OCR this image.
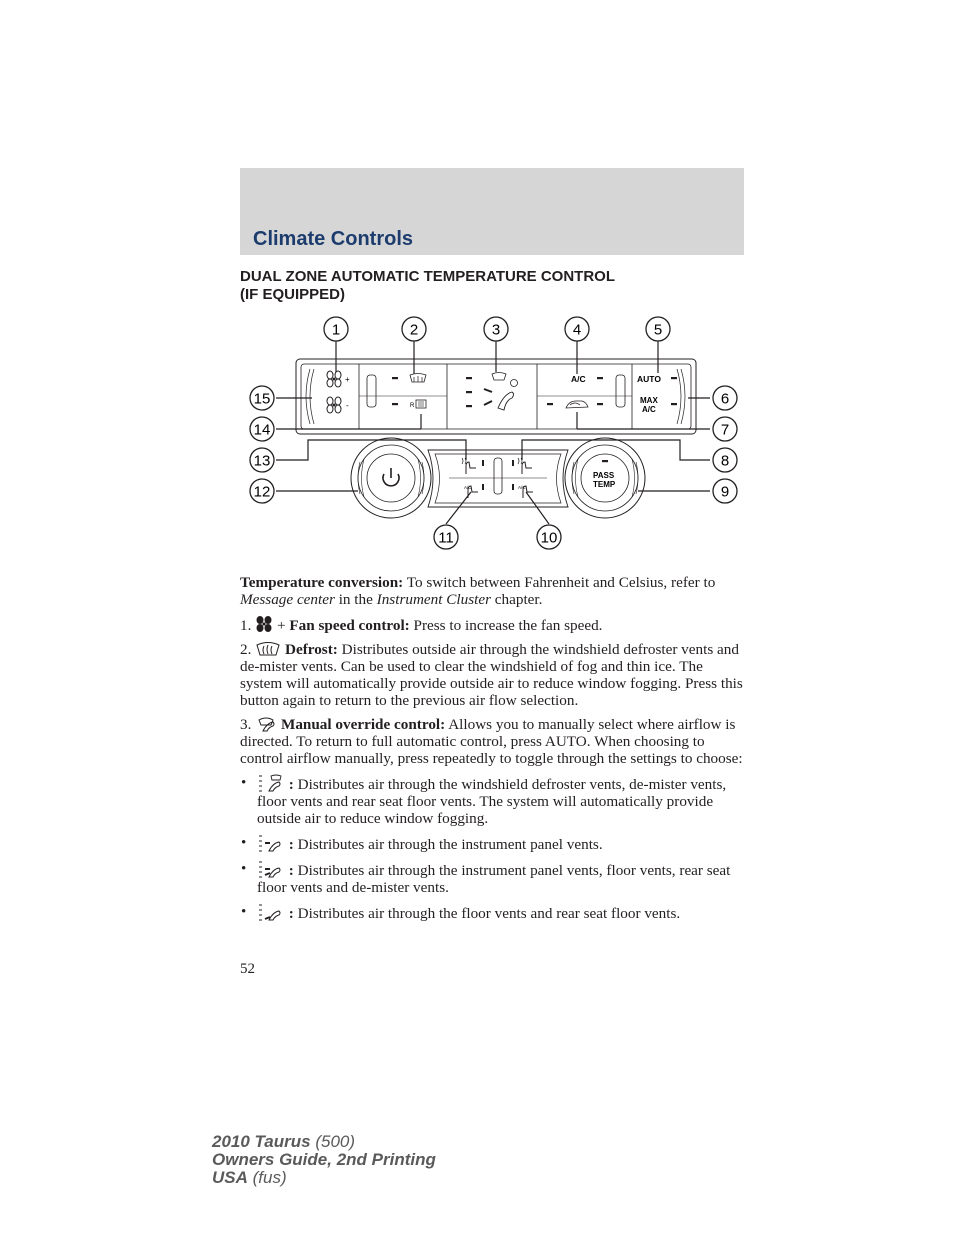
Climate Controls
DUAL ZONE AUTOMATIC TEMPERATURE CONTROL
(IF EQUIPPED)
+
-	R
A/C	AUTO
MAX
A/C
PASS
TEMP
A/C	A/C
1	2	3	4	5
6
7
8
9
10
11
12
13
14
15

Temperature conversion: To switch between Fahrenheit and Celsius, refer to Message center in the Instrument Cluster chapter.

1. + Fan speed control: Press to increase the fan speed.

2. Defrost: Distributes outside air through the windshield defroster vents and de-mister vents. Can be used to clear the windshield of fog and thin ice. The system will automatically provide outside air to reduce window fogging. Press this button again to return to the previous air flow selection.

3. Manual override control: Allows you to manually select where airflow is directed. To return to full automatic control, press AUTO. When choosing to control airflow manually, press repeatedly to toggle through the settings to choose:

•	: Distributes air through the windshield defroster vents, de-mister vents, floor vents and rear seat floor vents. The system will automatically provide outside air to reduce window fogging.
•	: Distributes air through the instrument panel vents.
•	: Distributes air through the instrument panel vents, floor vents, rear seat floor vents and de-mister vents.
•	: Distributes air through the floor vents and rear seat floor vents.
52
2010 Taurus (500)
Owners Guide, 2nd Printing
USA (fus)
